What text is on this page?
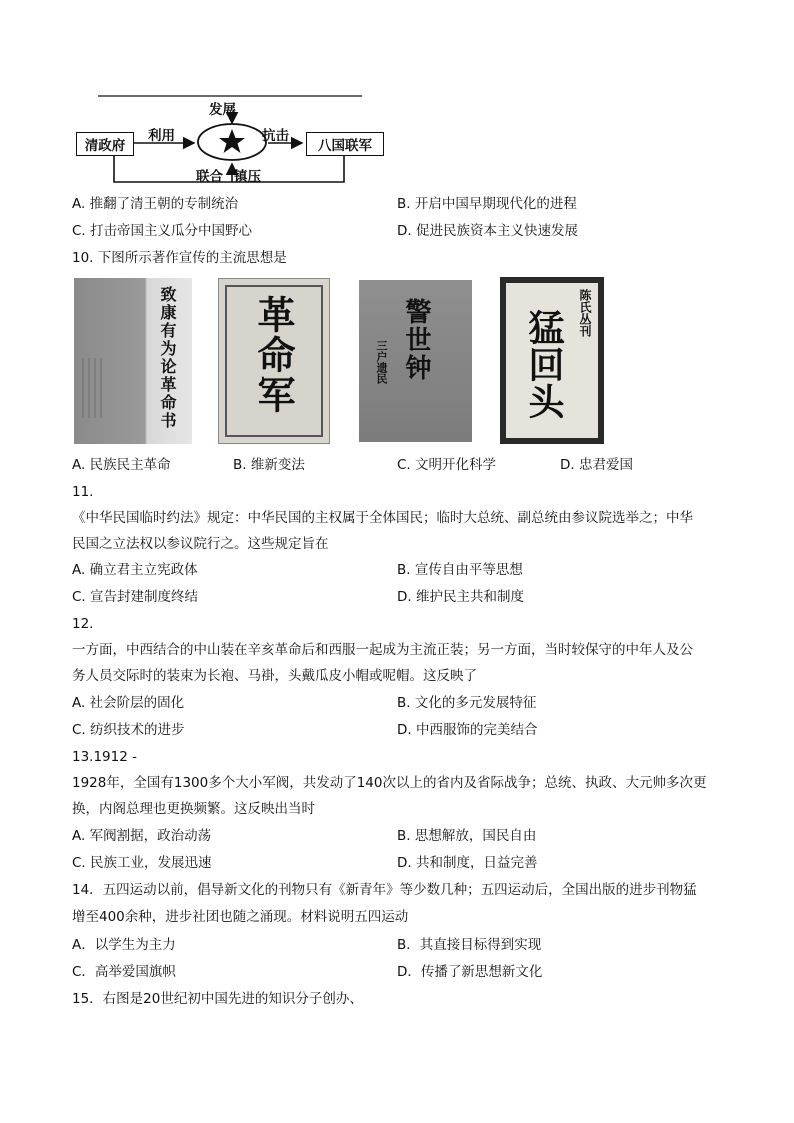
清政府	八国联军
发展
利用	抗击
联合 镇压
A. 推翻了清王朝的专制统治	B. 开启中国早期现代化的进程
C. 打击帝国主义瓜分中国野心	D. 促进民族资本主义快速发展
10. 下图所示著作宣传的主流思想是
致康有为论革命书 革命军	警世钟
三户遗民
陈氏丛刊
猛回头
A. 民族民主革命	B. 维新变法	C. 文明开化科学	D. 忠君爱国
11.
《中华民国临时约法》规定：中华民国的主权属于全体国民；临时大总统、副总统由参议院选举之；中华
民国之立法权以参议院行之。这些规定旨在
A. 确立君主立宪政体	B. 宣传自由平等思想
C. 宣告封建制度终结	D. 维护民主共和制度
12.
一方面，中西结合的中山装在辛亥革命后和西服一起成为主流正装；另一方面，当时较保守的中年人及公
务人员交际时的装束为长袍、马褂，头戴瓜皮小帽或呢帽。这反映了
A. 社会阶层的固化	B. 文化的多元发展特征
C. 纺织技术的进步	D. 中西服饰的完美结合
13.1912 -
1928年，全国有1300多个大小军阀，共发动了140次以上的省内及省际战争；总统、执政、大元帅多次更
换，内阁总理也更换频繁。这反映出当时
A. 军阀割据，政治动荡	B. 思想解放，国民自由
C. 民族工业，发展迅速	D. 共和制度，日益完善
14．五四运动以前，倡导新文化的刊物只有《新青年》等少数几种；五四运动后，全国出版的进步刊物猛
增至400余种，进步社团也随之涌现。材料说明五四运动
A．以学生为主力	B．其直接目标得到实现
C．高举爱国旗帜	D．传播了新思想新文化
15．右图是20世纪初中国先进的知识分子创办、
